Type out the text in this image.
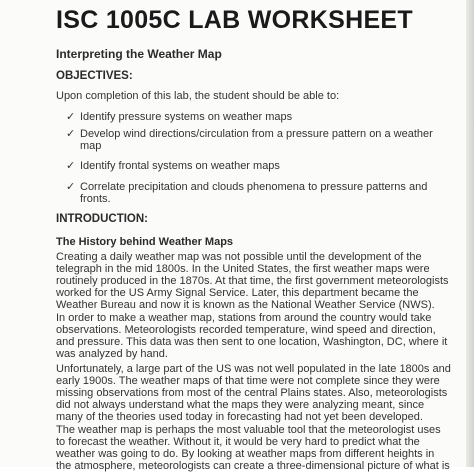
ISC 1005C LAB WORKSHEET
Interpreting the Weather Map
OBJECTIVES:
Upon completion of this lab, the student should be able to:
✓ Identify pressure systems on weather maps
✓ Develop wind directions/circulation from a pressure pattern on a weather
map
✓ Identify frontal systems on weather maps
✓ Correlate precipitation and clouds phenomena to pressure patterns and
fronts.
INTRODUCTION:
The History behind Weather Maps
Creating a daily weather map was not possible until the development of the
telegraph in the mid 1800s. In the United States, the first weather maps were
routinely produced in the 1870s. At that time, the first government meteorologists
worked for the US Army Signal Service. Later, this department became the
Weather Bureau and now it is known as the National Weather Service (NWS).
In order to make a weather map, stations from around the country would take
observations. Meteorologists recorded temperature, wind speed and direction,
and pressure. This data was then sent to one location, Washington, DC, where it
was analyzed by hand.
Unfortunately, a large part of the US was not well populated in the late 1800s and
early 1900s. The weather maps of that time were not complete since they were
missing observations from most of the central Plains states. Also, meteorologists
did not always understand what the maps they were analyzing meant, since
many of the theories used today in forecasting had not yet been developed.
The weather map is perhaps the most valuable tool that the meteorologist uses
to forecast the weather. Without it, it would be very hard to predict what the
weather was going to do. By looking at weather maps from different heights in
the atmosphere, meteorologists can create a three-dimensional picture of what is
